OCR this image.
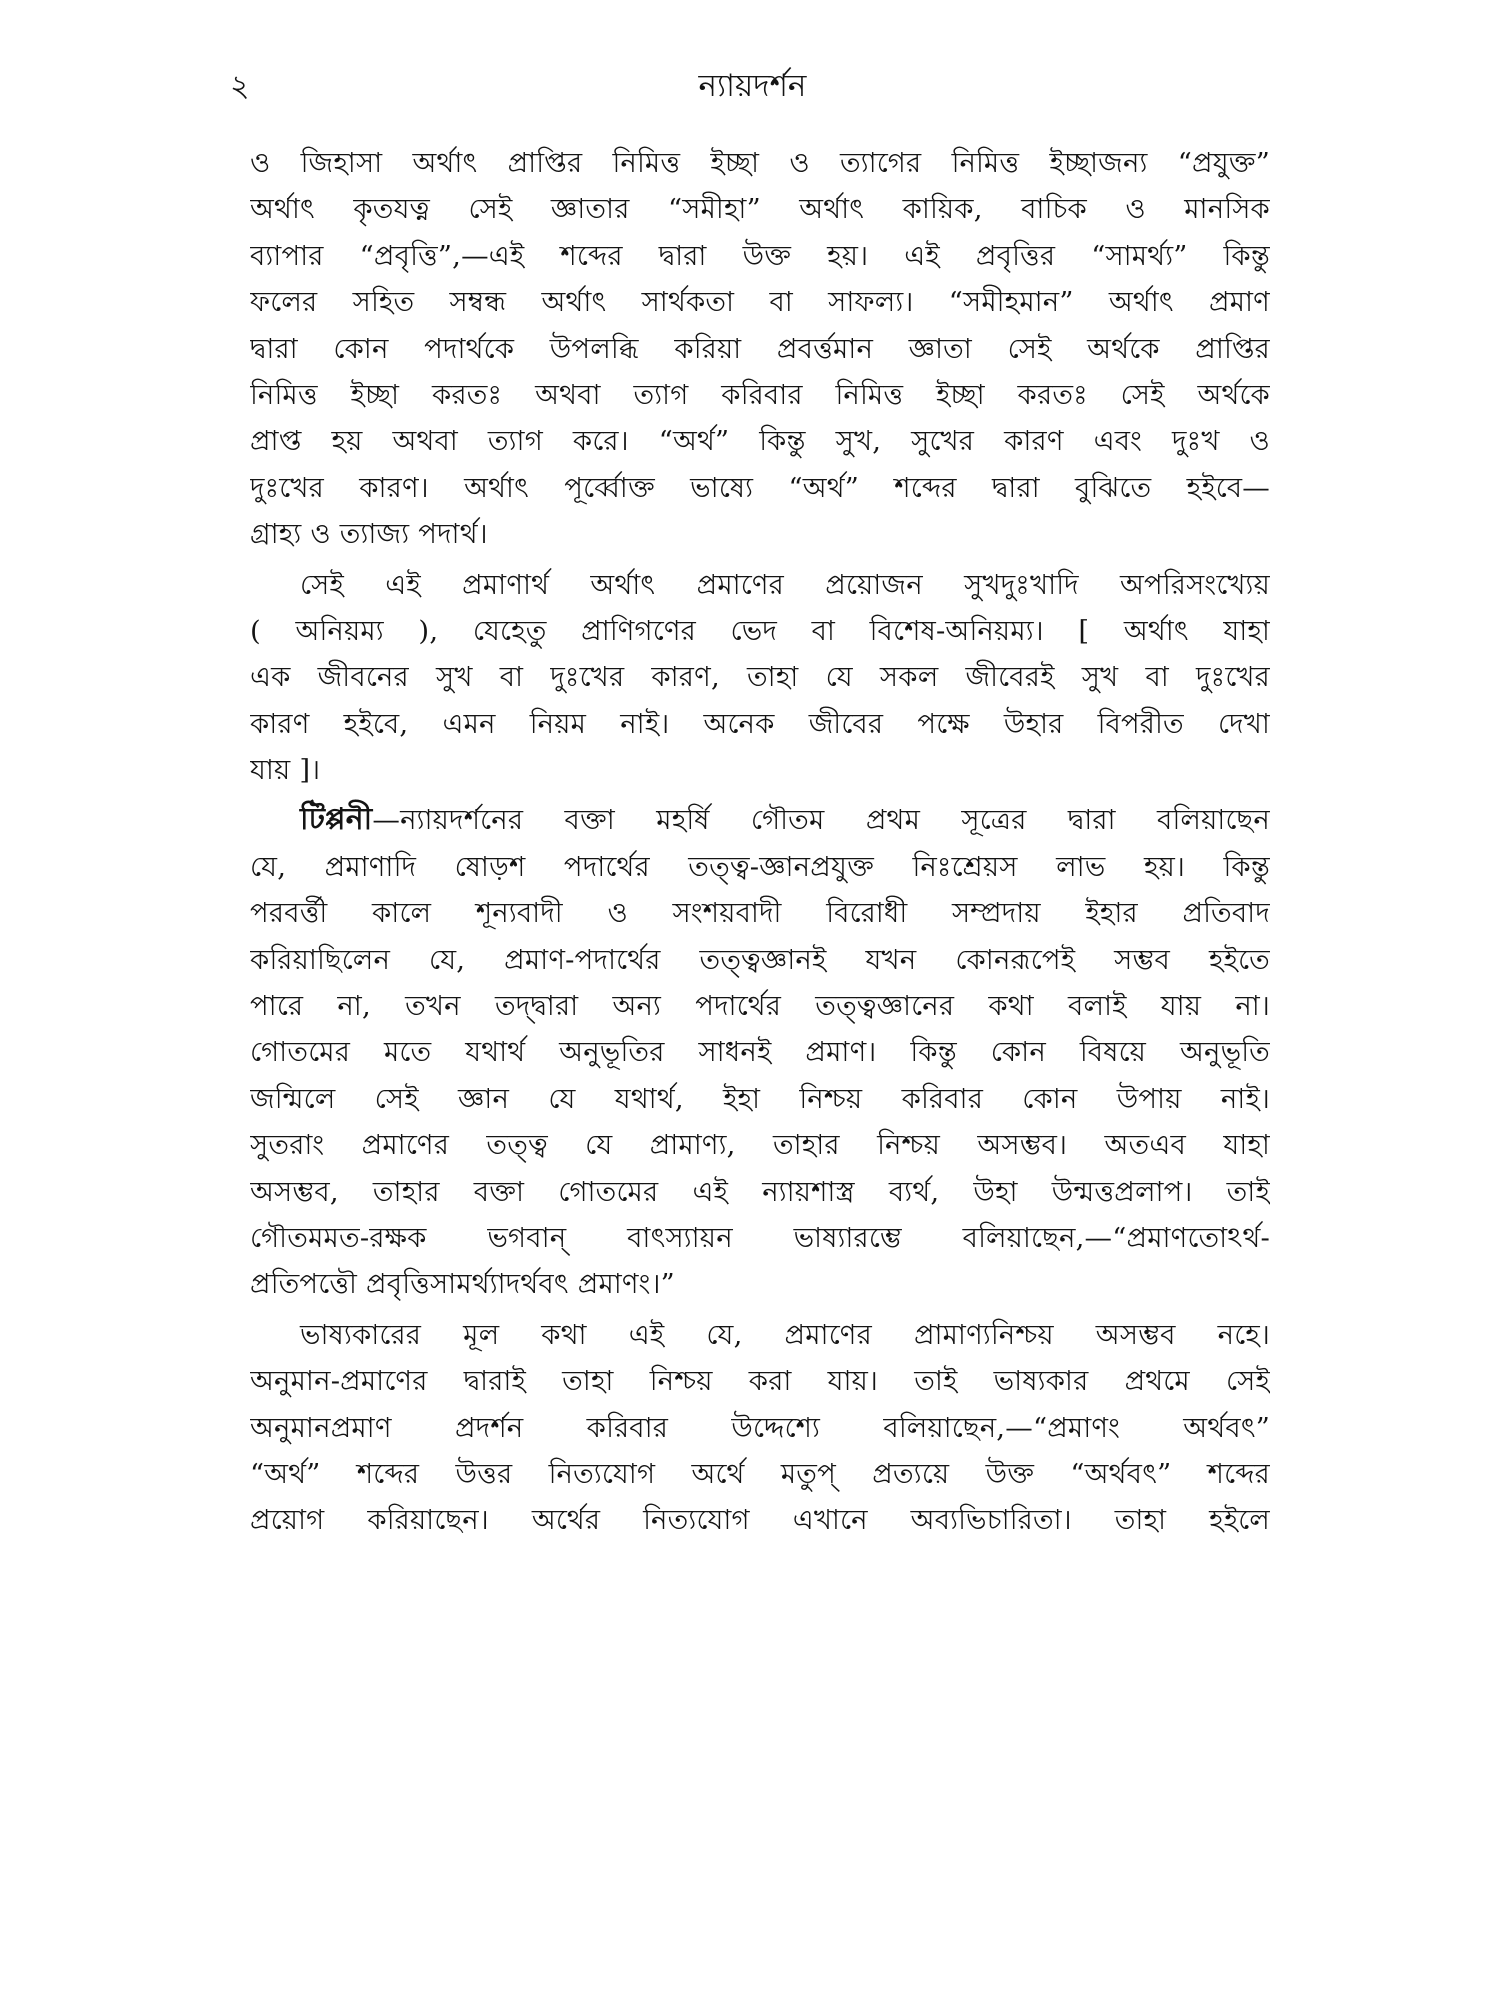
২	ন্যায়দর্শন
ও জিহাসা অর্থাৎ প্রাপ্তির নিমিত্ত ইচ্ছা ও ত্যাগের নিমিত্ত ইচ্ছাজন্য “প্রযুক্ত”
অর্থাৎ কৃতযত্ন সেই জ্ঞাতার “সমীহা” অর্থাৎ কায়িক, বাচিক ও মানসিক
ব্যাপার “প্রবৃত্তি”,—এই শব্দের দ্বারা উক্ত হয়। এই প্রবৃত্তির “সামর্থ্য” কিন্তু
ফলের সহিত সম্বন্ধ অর্থাৎ সার্থকতা বা সাফল্য। “সমীহমান” অর্থাৎ প্রমাণ
দ্বারা কোন পদার্থকে উপলব্ধি করিয়া প্রবর্ত্তমান জ্ঞাতা সেই অর্থকে প্রাপ্তির
নিমিত্ত ইচ্ছা করতঃ অথবা ত্যাগ করিবার নিমিত্ত ইচ্ছা করতঃ সেই অর্থকে
প্রাপ্ত হয় অথবা ত্যাগ করে। “অর্থ” কিন্তু সুখ, সুখের কারণ এবং দুঃখ ও
দুঃখের কারণ। অর্থাৎ পূর্ব্বোক্ত ভাষ্যে “অর্থ” শব্দের দ্বারা বুঝিতে হইবে—
গ্রাহ্য ও ত্যাজ্য পদার্থ।
সেই এই প্রমাণার্থ অর্থাৎ প্রমাণের প্রয়োজন সুখদুঃখাদি অপরিসংখ্যেয়
( অনিয়ম্য ), যেহেতু প্রাণিগণের ভেদ বা বিশেষ-অনিয়ম্য। [ অর্থাৎ যাহা
এক জীবনের সুখ বা দুঃখের কারণ, তাহা যে সকল জীবেরই সুখ বা দুঃখের
কারণ হইবে, এমন নিয়ম নাই। অনেক জীবের পক্ষে উহার বিপরীত দেখা
যায় ]।
টিপ্পনী—ন্যায়দর্শনের বক্তা মহর্ষি গৌতম প্রথম সূত্রের দ্বারা বলিয়াছেন
যে, প্রমাণাদি ষোড়শ পদার্থের তত্ত্ব-জ্ঞানপ্রযুক্ত নিঃশ্রেয়স লাভ হয়। কিন্তু
পরবর্ত্তী কালে শূন্যবাদী ও সংশয়বাদী বিরোধী সম্প্রদায় ইহার প্রতিবাদ
করিয়াছিলেন যে, প্রমাণ-পদার্থের তত্ত্বজ্ঞানই যখন কোনরূপেই সম্ভব হইতে
পারে না, তখন তদ্দ্বারা অন্য পদার্থের তত্ত্বজ্ঞানের কথা বলাই যায় না।
গোতমের মতে যথার্থ অনুভূতির সাধনই প্রমাণ। কিন্তু কোন বিষয়ে অনুভূতি
জন্মিলে সেই জ্ঞান যে যথার্থ, ইহা নিশ্চয় করিবার কোন উপায় নাই।
সুতরাং প্রমাণের তত্ত্ব যে প্রামাণ্য, তাহার নিশ্চয় অসম্ভব। অতএব যাহা
অসম্ভব, তাহার বক্তা গোতমের এই ন্যায়শাস্ত্র ব্যর্থ, উহা উন্মত্তপ্রলাপ। তাই
গৌতমমত-রক্ষক ভগবান্ বাৎস্যায়ন ভাষ্যারম্ভে বলিয়াছেন,—“প্রমাণতোঽর্থ-
প্রতিপত্তৌ প্রবৃত্তিসামর্থ্যাদর্থবৎ প্রমাণং।”
ভাষ্যকারের মূল কথা এই যে, প্রমাণের প্রামাণ্যনিশ্চয় অসম্ভব নহে।
অনুমান-প্রমাণের দ্বারাই তাহা নিশ্চয় করা যায়। তাই ভাষ্যকার প্রথমে সেই
অনুমানপ্রমাণ প্রদর্শন করিবার উদ্দেশ্যে বলিয়াছেন,—“প্রমাণং অর্থবৎ”
“অর্থ” শব্দের উত্তর নিত্যযোগ অর্থে মতুপ্ প্রত্যয়ে উক্ত “অর্থবৎ” শব্দের
প্রয়োগ করিয়াছেন। অর্থের নিত্যযোগ এখানে অব্যভিচারিতা। তাহা হইলে
